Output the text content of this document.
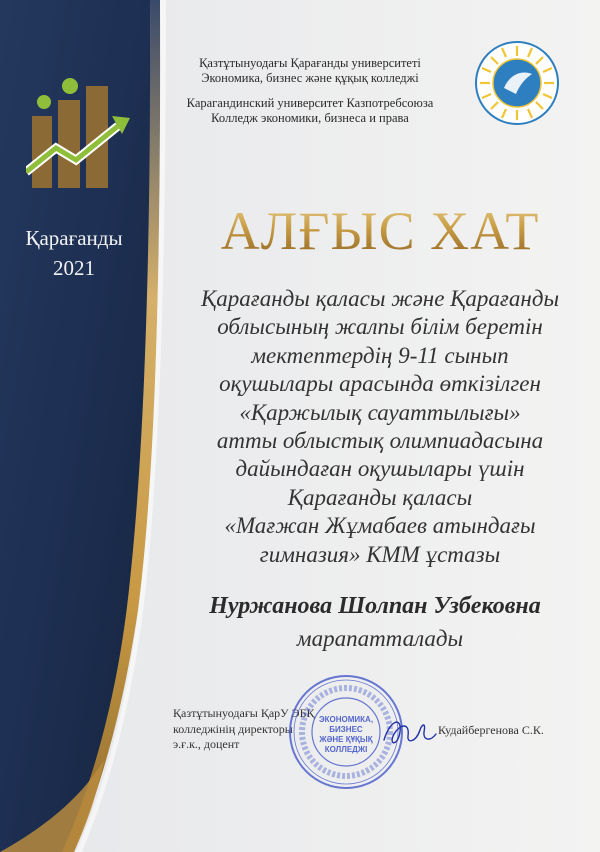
Қарағанды
2021
Қазтұтынуодағы Қарағанды университеті
Экономика, бизнес және құқық колледжі
Карагандинский университет Казпотребсоюза
Колледж экономики, бизнеса и права
АЛҒЫС ХАТ
Қарағанды қаласы және Қарағанды
облысының жалпы білім беретін
мектептердің 9-11 сынып
оқушылары арасында өткізілген
«Қаржылық сауаттылығы»
атты облыстық олимпиадасына
дайындаған оқушылары үшін
Қарағанды қаласы
«Мағжан Жұмабаев атындағы
гимназия» КММ ұстазы
Нуржанова Шолпан Узбековна
марапатталады
Қазтұтынуодағы ҚарУ ЭБҚ
колледжінің директоры
э.ғ.к., доцент
ЭКОНОМИКА,
БИЗНЕС
ЖӘНЕ ҚҰҚЫҚ
КОЛЛЕДЖІ
Кудайбергенова С.К.
